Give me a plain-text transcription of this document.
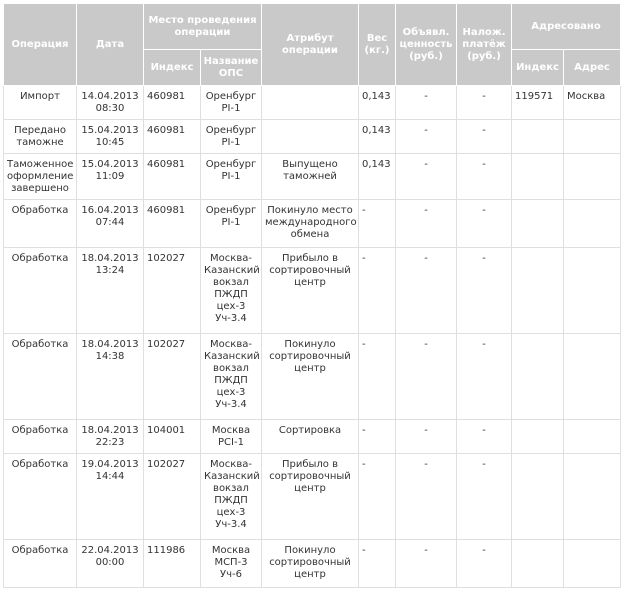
Операция	Дата	Место проведения операции		Атрибут операции	Вес (кг.)	Объявл. ценность (руб.)	Налож. платёж (руб.)	Адресовано	
		Индекс	Название ОПС					Индекс	Адрес
Импорт	14.04.2013 08:30	460981	Оренбург PI-1		0,143	-	-	119571	Москва
Передано таможне	15.04.2013 10:45	460981	Оренбург PI-1		0,143	-	-		
Таможенное оформление завершено	15.04.2013 11:09	460981	Оренбург PI-1	Выпущено таможней	0,143	-	-		
Обработка	16.04.2013 07:44	460981	Оренбург PI-1	Покинуло место международного обмена	-	-	-		
Обработка	18.04.2013 13:24	102027	Москва-Казанский вокзал ПЖДП цех-3 Уч-3.4	Прибыло в сортировочный центр	-	-	-		
Обработка	18.04.2013 14:38	102027	Москва-Казанский вокзал ПЖДП цех-3 Уч-3.4	Покинуло сортировочный центр	-	-	-		
Обработка	18.04.2013 22:23	104001	Москва PCI-1	Сортировка	-	-	-		
Обработка	19.04.2013 14:44	102027	Москва-Казанский вокзал ПЖДП цех-3 Уч-3.4	Прибыло в сортировочный центр	-	-	-		
Обработка	22.04.2013 00:00	111986	Москва МСП-3 Уч-6	Покинуло сортировочный центр	-	-	-		
